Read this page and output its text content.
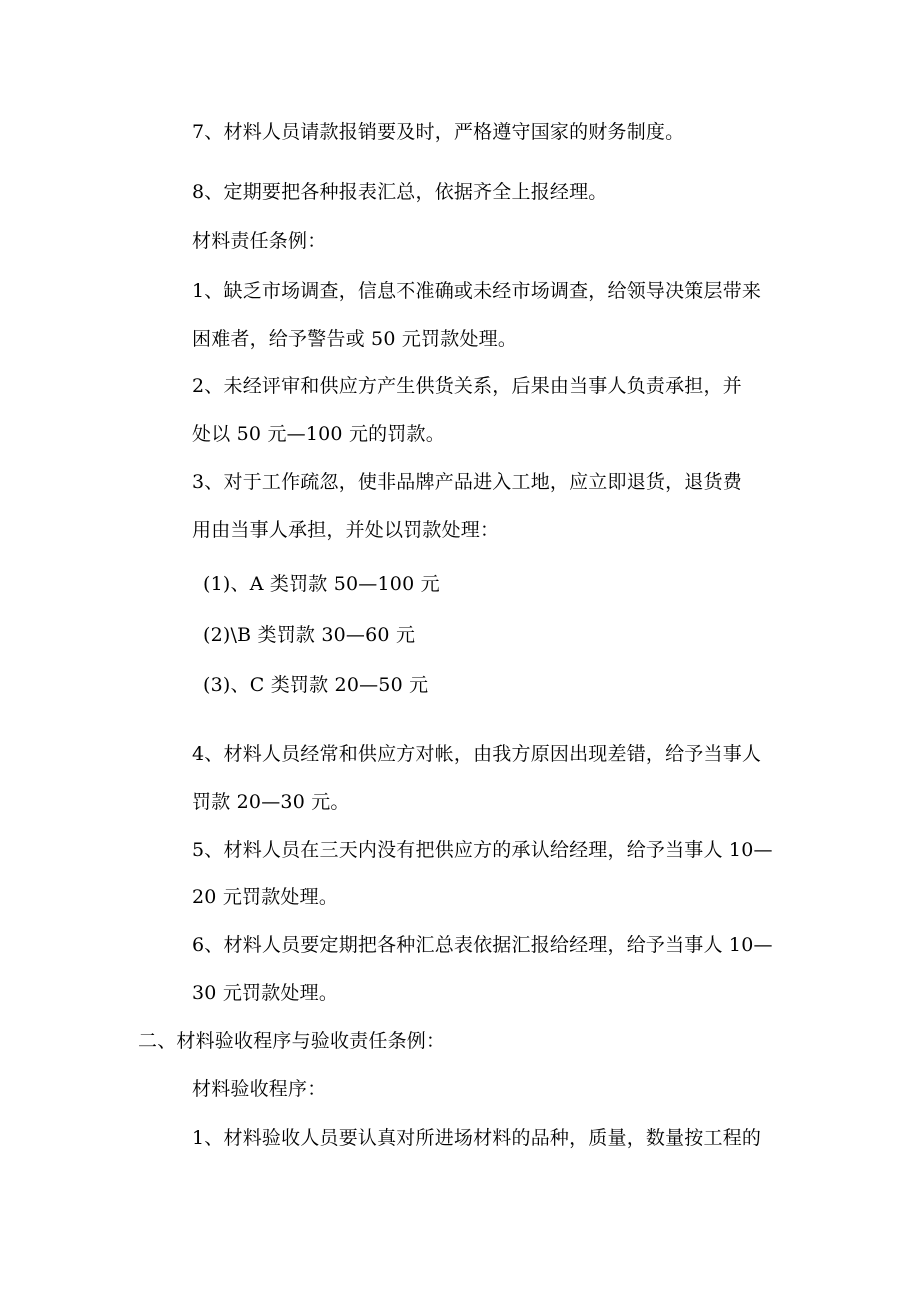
7、材料人员请款报销要及时，严格遵守国家的财务制度。
8、定期要把各种报表汇总，依据齐全上报经理。
材料责任条例：
1、缺乏市场调查，信息不准确或未经市场调查，给领导决策层带来
困难者，给予警告或 50 元罚款处理。
2、未经评审和供应方产生供货关系，后果由当事人负责承担，并
处以 50 元—100 元的罚款。
3、对于工作疏忽，使非品牌产品进入工地，应立即退货，退货费
用由当事人承担，并处以罚款处理：
(1)、A 类罚款 50—100 元
(2)\B 类罚款 30—60 元
(3)、C 类罚款 20—50 元
4、材料人员经常和供应方对帐，由我方原因出现差错，给予当事人
罚款 20—30 元。
5、材料人员在三天内没有把供应方的承认给经理，给予当事人 10—
20 元罚款处理。
6、材料人员要定期把各种汇总表依据汇报给经理，给予当事人 10—
30 元罚款处理。
二、材料验收程序与验收责任条例：
材料验收程序：
1、材料验收人员要认真对所进场材料的品种，质量，数量按工程的
